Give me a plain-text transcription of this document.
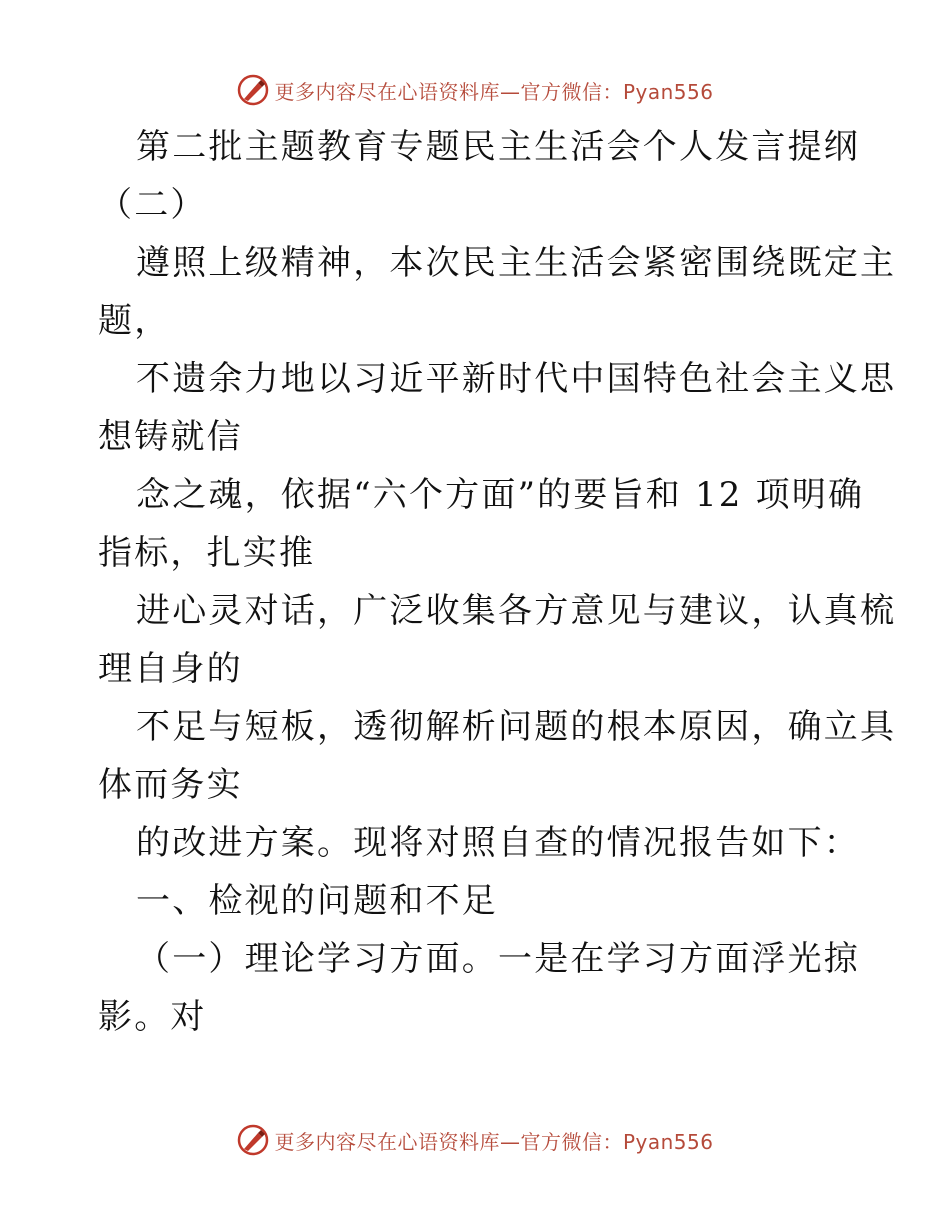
更多内容尽在心语资料库—官方微信：Pyan556
第二批主题教育专题民主生活会个人发言提纲
（二）
遵照上级精神，本次民主生活会紧密围绕既定主
题，
不遗余力地以习近平新时代中国特色社会主义思
想铸就信
念之魂，依据“六个方面”的要旨和 12 项明确
指标，扎实推
进心灵对话，广泛收集各方意见与建议，认真梳
理自身的
不足与短板，透彻解析问题的根本原因，确立具
体而务实
的改进方案。现将对照自查的情况报告如下：
一、检视的问题和不足
（一）理论学习方面。一是在学习方面浮光掠
影。对
更多内容尽在心语资料库—官方微信：Pyan556
